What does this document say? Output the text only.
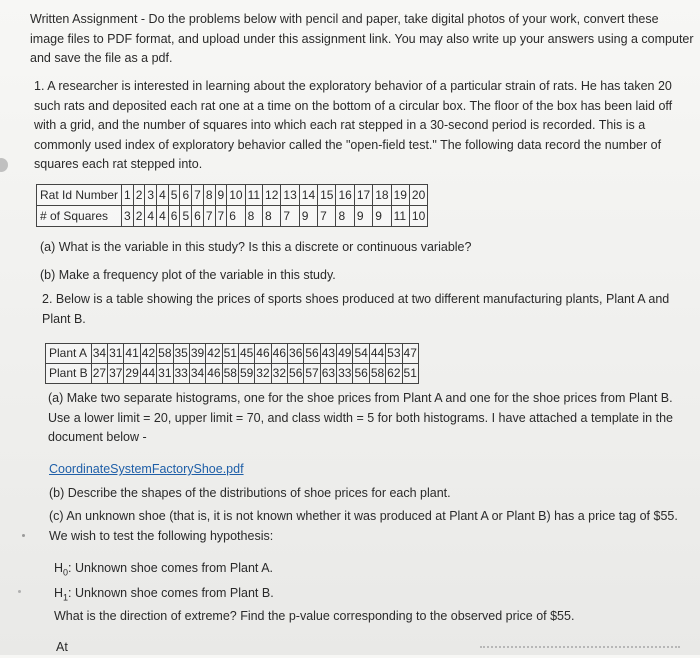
Written Assignment - Do the problems below with pencil and paper, take digital photos of your work, convert these image files to PDF format, and upload under this assignment link. You may also write up your answers using a computer and save the file as a pdf.
1. A researcher is interested in learning about the exploratory behavior of a particular strain of rats. He has taken 20 such rats and deposited each rat one at a time on the bottom of a circular box. The floor of the box has been laid off with a grid, and the number of squares into which each rat stepped in a 30-second period is recorded. This is a commonly used index of exploratory behavior called the "open-field test." The following data record the number of squares each rat stepped into.
Rat Id Number	1	2	3	4	5	6	7	8	9	10	11	12	13	14	15	16	17	18	19	20
# of Squares	3	2	4	4	6	5	6	7	7	6	8	8	7	9	7	8	9	9	11	10
(a) What is the variable in this study? Is this a discrete or continuous variable?
(b) Make a frequency plot of the variable in this study.
2. Below is a table showing the prices of sports shoes produced at two different manufacturing plants, Plant A and Plant B.
Plant A	34	31	41	42	58	35	39	42	51	45	46	46	36	56	43	49	54	44	53	47
Plant B	27	37	29	44	31	33	34	46	58	59	32	32	56	57	63	33	56	58	62	51
(a) Make two separate histograms, one for the shoe prices from Plant A and one for the shoe prices from Plant B. Use a lower limit = 20, upper limit = 70, and class width = 5 for both histograms. I have attached a template in the document below -
CoordinateSystemFactoryShoe.pdf
(b) Describe the shapes of the distributions of shoe prices for each plant.
(c) An unknown shoe (that is, it is not known whether it was produced at Plant A or Plant B) has a price tag of $55. We wish to test the following hypothesis:
$H_0$: Unknown shoe comes from Plant A.
$H_1$: Unknown shoe comes from Plant B.
What is the direction of extreme? Find the p-value corresponding to the observed price of $55.
At
